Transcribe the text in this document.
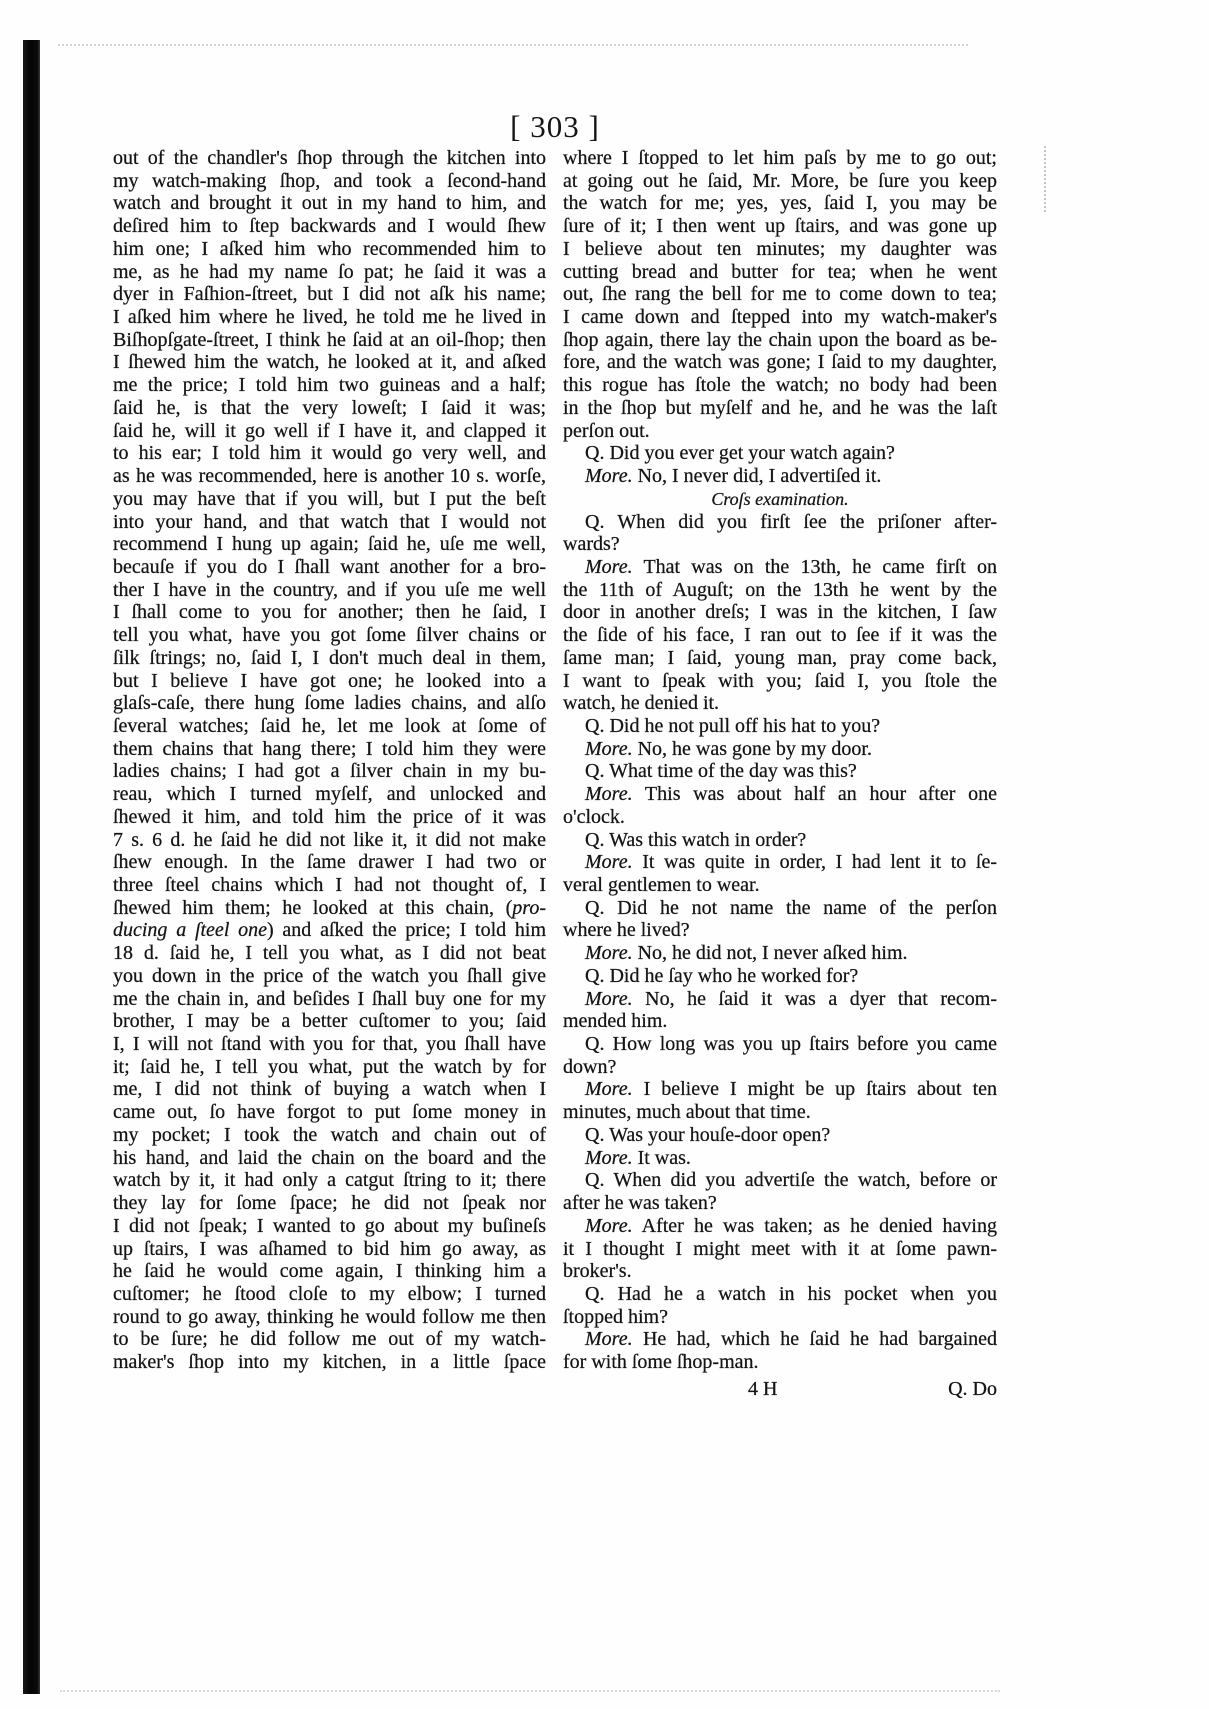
[ 303 ]
out of the chandler's ſhop through the kitchen into
my watch-making ſhop, and took a ſecond-hand
watch and brought it out in my hand to him, and
deſired him to ſtep backwards and I would ſhew
him one; I aſked him who recommended him to
me, as he had my name ſo pat; he ſaid it was a
dyer in Faſhion-ſtreet, but I did not aſk his name;
I aſked him where he lived, he told me he lived in
Biſhopſgate-ſtreet, I think he ſaid at an oil-ſhop; then
I ſhewed him the watch, he looked at it, and aſked
me the price; I told him two guineas and a half;
ſaid he, is that the very loweſt; I ſaid it was;
ſaid he, will it go well if I have it, and clapped it
to his ear; I told him it would go very well, and
as he was recommended, here is another 10 s. worſe,
you may have that if you will, but I put the beſt
into your hand, and that watch that I would not
recommend I hung up again; ſaid he, uſe me well,
becauſe if you do I ſhall want another for a bro-
ther I have in the country, and if you uſe me well
I ſhall come to you for another; then he ſaid, I
tell you what, have you got ſome ſilver chains or
ſilk ſtrings; no, ſaid I, I don't much deal in them,
but I believe I have got one; he looked into a
glaſs-caſe, there hung ſome ladies chains, and alſo
ſeveral watches; ſaid he, let me look at ſome of
them chains that hang there; I told him they were
ladies chains; I had got a ſilver chain in my bu-
reau, which I turned myſelf, and unlocked and
ſhewed it him, and told him the price of it was
7 s. 6 d. he ſaid he did not like it, it did not make
ſhew enough. In the ſame drawer I had two or
three ſteel chains which I had not thought of, I
ſhewed him them; he looked at this chain, (pro-
ducing a ſteel one) and aſked the price; I told him
18 d. ſaid he, I tell you what, as I did not beat
you down in the price of the watch you ſhall give
me the chain in, and beſides I ſhall buy one for my
brother, I may be a better cuſtomer to you; ſaid
I, I will not ſtand with you for that, you ſhall have
it; ſaid he, I tell you what, put the watch by for
me, I did not think of buying a watch when I
came out, ſo have forgot to put ſome money in
my pocket; I took the watch and chain out of
his hand, and laid the chain on the board and the
watch by it, it had only a catgut ſtring to it; there
they lay for ſome ſpace; he did not ſpeak nor
I did not ſpeak; I wanted to go about my buſineſs
up ſtairs, I was aſhamed to bid him go away, as
he ſaid he would come again, I thinking him a
cuſtomer; he ſtood cloſe to my elbow; I turned
round to go away, thinking he would follow me then
to be ſure; he did follow me out of my watch-
maker's ſhop into my kitchen, in a little ſpace
where I ſtopped to let him paſs by me to go out;
at going out he ſaid, Mr. More, be ſure you keep
the watch for me; yes, yes, ſaid I, you may be
ſure of it; I then went up ſtairs, and was gone up
I believe about ten minutes; my daughter was
cutting bread and butter for tea; when he went
out, ſhe rang the bell for me to come down to tea;
I came down and ſtepped into my watch-maker's
ſhop again, there lay the chain upon the board as be-
fore, and the watch was gone; I ſaid to my daughter,
this rogue has ſtole the watch; no body had been
in the ſhop but myſelf and he, and he was the laſt
perſon out.
Q. Did you ever get your watch again?
More. No, I never did, I advertiſed it.
Croſs examination.
Q. When did you firſt ſee the priſoner after-
wards?
More. That was on the 13th, he came firſt on
the 11th of Auguſt; on the 13th he went by the
door in another dreſs; I was in the kitchen, I ſaw
the ſide of his face, I ran out to ſee if it was the
ſame man; I ſaid, young man, pray come back,
I want to ſpeak with you; ſaid I, you ſtole the
watch, he denied it.
Q. Did he not pull off his hat to you?
More. No, he was gone by my door.
Q. What time of the day was this?
More. This was about half an hour after one
o'clock.
Q. Was this watch in order?
More. It was quite in order, I had lent it to ſe-
veral gentlemen to wear.
Q. Did he not name the name of the perſon
where he lived?
More. No, he did not, I never aſked him.
Q. Did he ſay who he worked for?
More. No, he ſaid it was a dyer that recom-
mended him.
Q. How long was you up ſtairs before you came
down?
More. I believe I might be up ſtairs about ten
minutes, much about that time.
Q. Was your houſe-door open?
More. It was.
Q. When did you advertiſe the watch, before or
after he was taken?
More. After he was taken; as he denied having
it I thought I might meet with it at ſome pawn-
broker's.
Q. Had he a watch in his pocket when you
ſtopped him?
More. He had, which he ſaid he had bargained
for with ſome ſhop-man.
4 H	Q. Do
